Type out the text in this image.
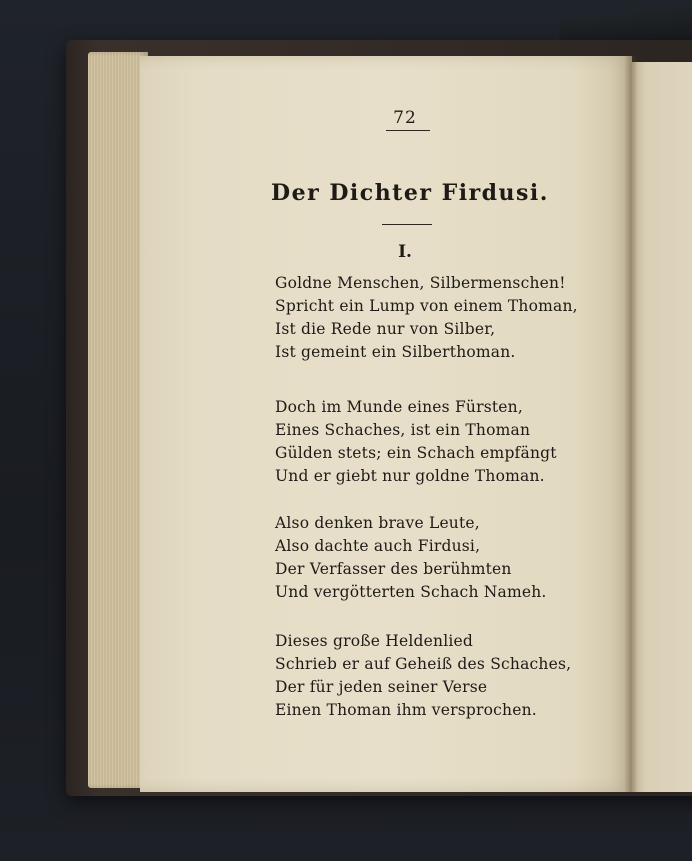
72
Der Dichter Firdusi.
I.
Goldne Menschen, Silbermenschen!
Spricht ein Lump von einem Thoman,
Ist die Rede nur von Silber,
Ist gemeint ein Silberthoman.
Doch im Munde eines Fürsten,
Eines Schaches, ist ein Thoman
Gülden stets; ein Schach empfängt
Und er giebt nur goldne Thoman.
Also denken brave Leute,
Also dachte auch Firdusi,
Der Verfasser des berühmten
Und vergötterten Schach Nameh.
Dieses große Heldenlied
Schrieb er auf Geheiß des Schaches,
Der für jeden seiner Verse
Einen Thoman ihm versprochen.
